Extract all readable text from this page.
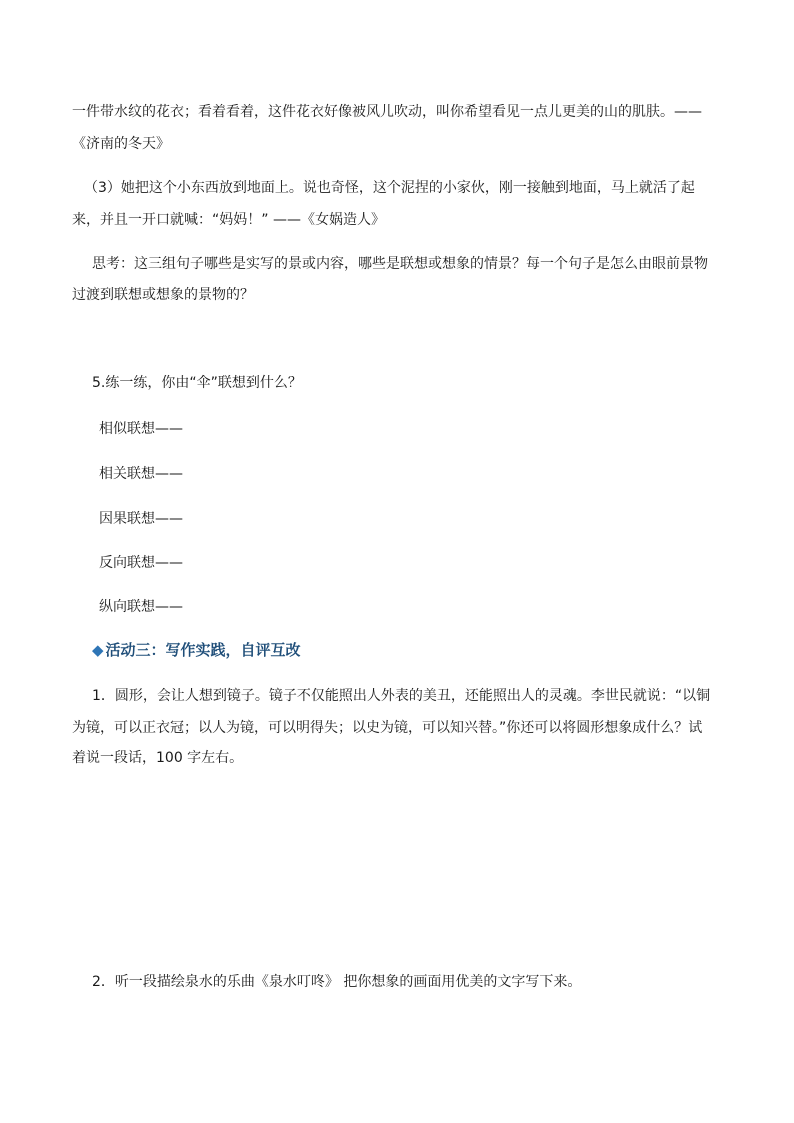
一件带水纹的花衣；看着看着，这件花衣好像被风儿吹动，叫你希望看见一点儿更美的山的肌肤。——
《济南的冬天》
（3）她把这个小东西放到地面上。说也奇怪，这个泥捏的小家伙，刚一接触到地面，马上就活了起
来，并且一开口就喊：“妈妈！” ——《女娲造人》
思考：这三组句子哪些是实写的景或内容，哪些是联想或想象的情景？每一个句子是怎么由眼前景物
过渡到联想或想象的景物的？
5.练一练，你由“伞”联想到什么？
相似联想——
相关联想——
因果联想——
反向联想——
纵向联想——
◆ 活动三：写作实践，自评互改
1．圆形，会让人想到镜子。镜子不仅能照出人外表的美丑，还能照出人的灵魂。李世民就说：“以铜
为镜，可以正衣冠；以人为镜，可以明得失；以史为镜，可以知兴替。”你还可以将圆形想象成什么？试
着说一段话，100 字左右。
2．听一段描绘泉水的乐曲《泉水叮咚》 把你想象的画面用优美的文字写下来。
